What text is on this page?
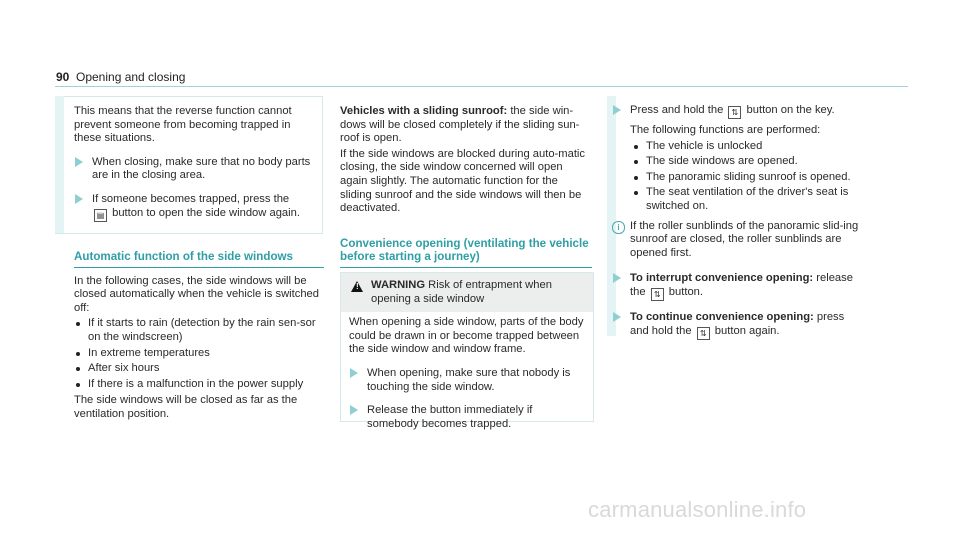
90 Opening and closing

This means that the reverse function cannot prevent someone from becoming trapped in these situations.

When closing, make sure that no body parts are in the closing area.

If someone becomes trapped, press the
▤ button to open the side window again.

Automatic function of the side windows

In the following cases, the side windows will be closed automatically when the vehicle is switched off:

If it starts to rain (detection by the rain sen-sor on the windscreen)
In extreme temperatures
After six hours
If there is a malfunction in the power supply

The side windows will be closed as far as the ventilation position.

Vehicles with a sliding sunroof: the side win-dows will be closed completely if the sliding sun-roof is open.

If the side windows are blocked during auto-matic closing, the side window concerned will open again slightly. The automatic function for the sliding sunroof and the side windows will then be deactivated.

Convenience opening (ventilating the vehicle before starting a journey)
! WARNING Risk of entrapment when opening a side window

When opening a side window, parts of the body could be drawn in or become trapped between the side window and window frame.

When opening, make sure that nobody is touching the side window.

Release the button immediately if somebody becomes trapped.

Press and hold the ⇅ button on the key.

The following functions are performed:

The vehicle is unlocked
The side windows are opened.
The panoramic sliding sunroof is opened.
The seat ventilation of the driver's seat is switched on.
i If the roller sunblinds of the panoramic slid-ing sunroof are closed, the roller sunblinds are opened first.

To interrupt convenience opening: release
the ⇅ button.

To continue convenience opening: press
and hold the ⇅ button again.

carmanualsonline.info
